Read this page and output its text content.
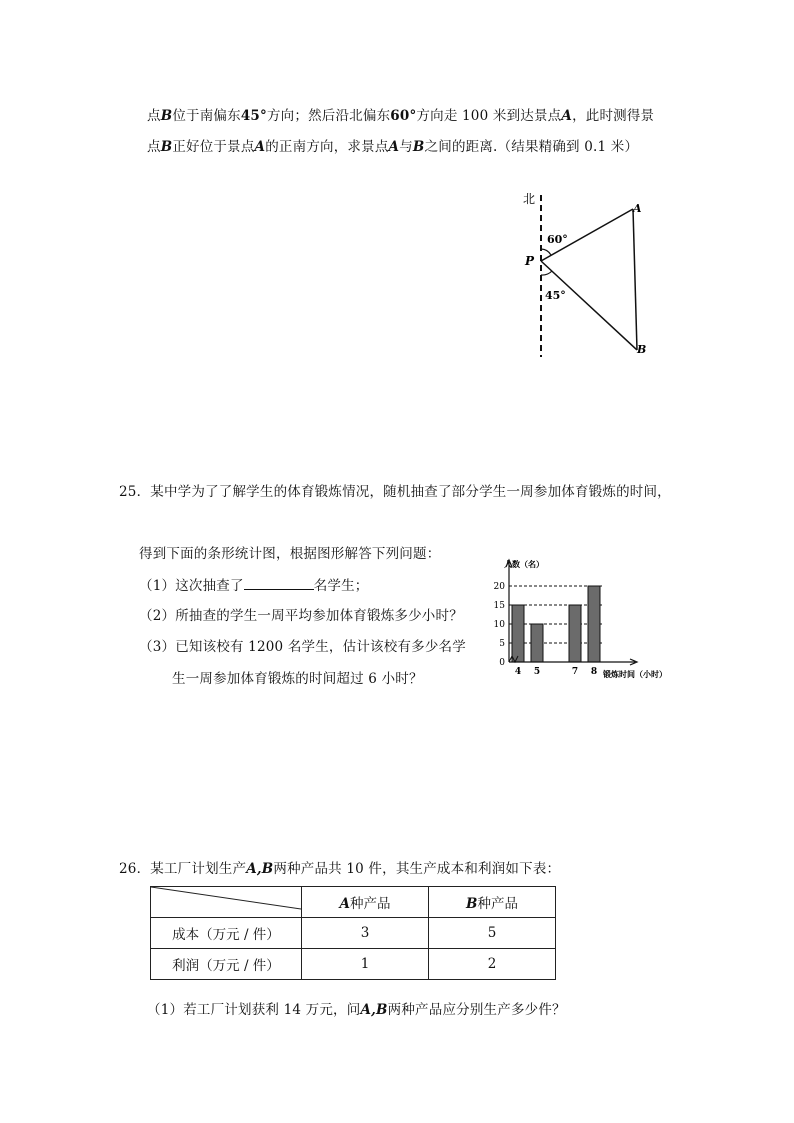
点B位于南偏东45°方向；然后沿北偏东60°方向走 100 米到达景点A，此时测得景
点B正好位于景点A的正南方向，求景点A与B之间的距离.（结果精确到 0.1 米）
北
60°
45°
P
A
B
25．某中学为了了解学生的体育锻炼情况，随机抽查了部分学生一周参加体育锻炼的时间，
得到下面的条形统计图，根据图形解答下列问题：
（1）这次抽查了	名学生；
（2）所抽查的学生一周平均参加体育锻炼多少小时？
（3）已知该校有 1200 名学生，估计该校有多少名学
生一周参加体育锻炼的时间超过 6 小时？
人数（名）
0
5
10
15
20
4 5	7 8 锻炼时间（小时）
26．某工厂计划生产A,B两种产品共 10 件，其生产成本和利润如下表：
	A种产品	B种产品
成本（万元 / 件）	3	5
利润（万元 / 件）	1	2
（1）若工厂计划获利 14 万元，问A,B两种产品应分别生产多少件？
